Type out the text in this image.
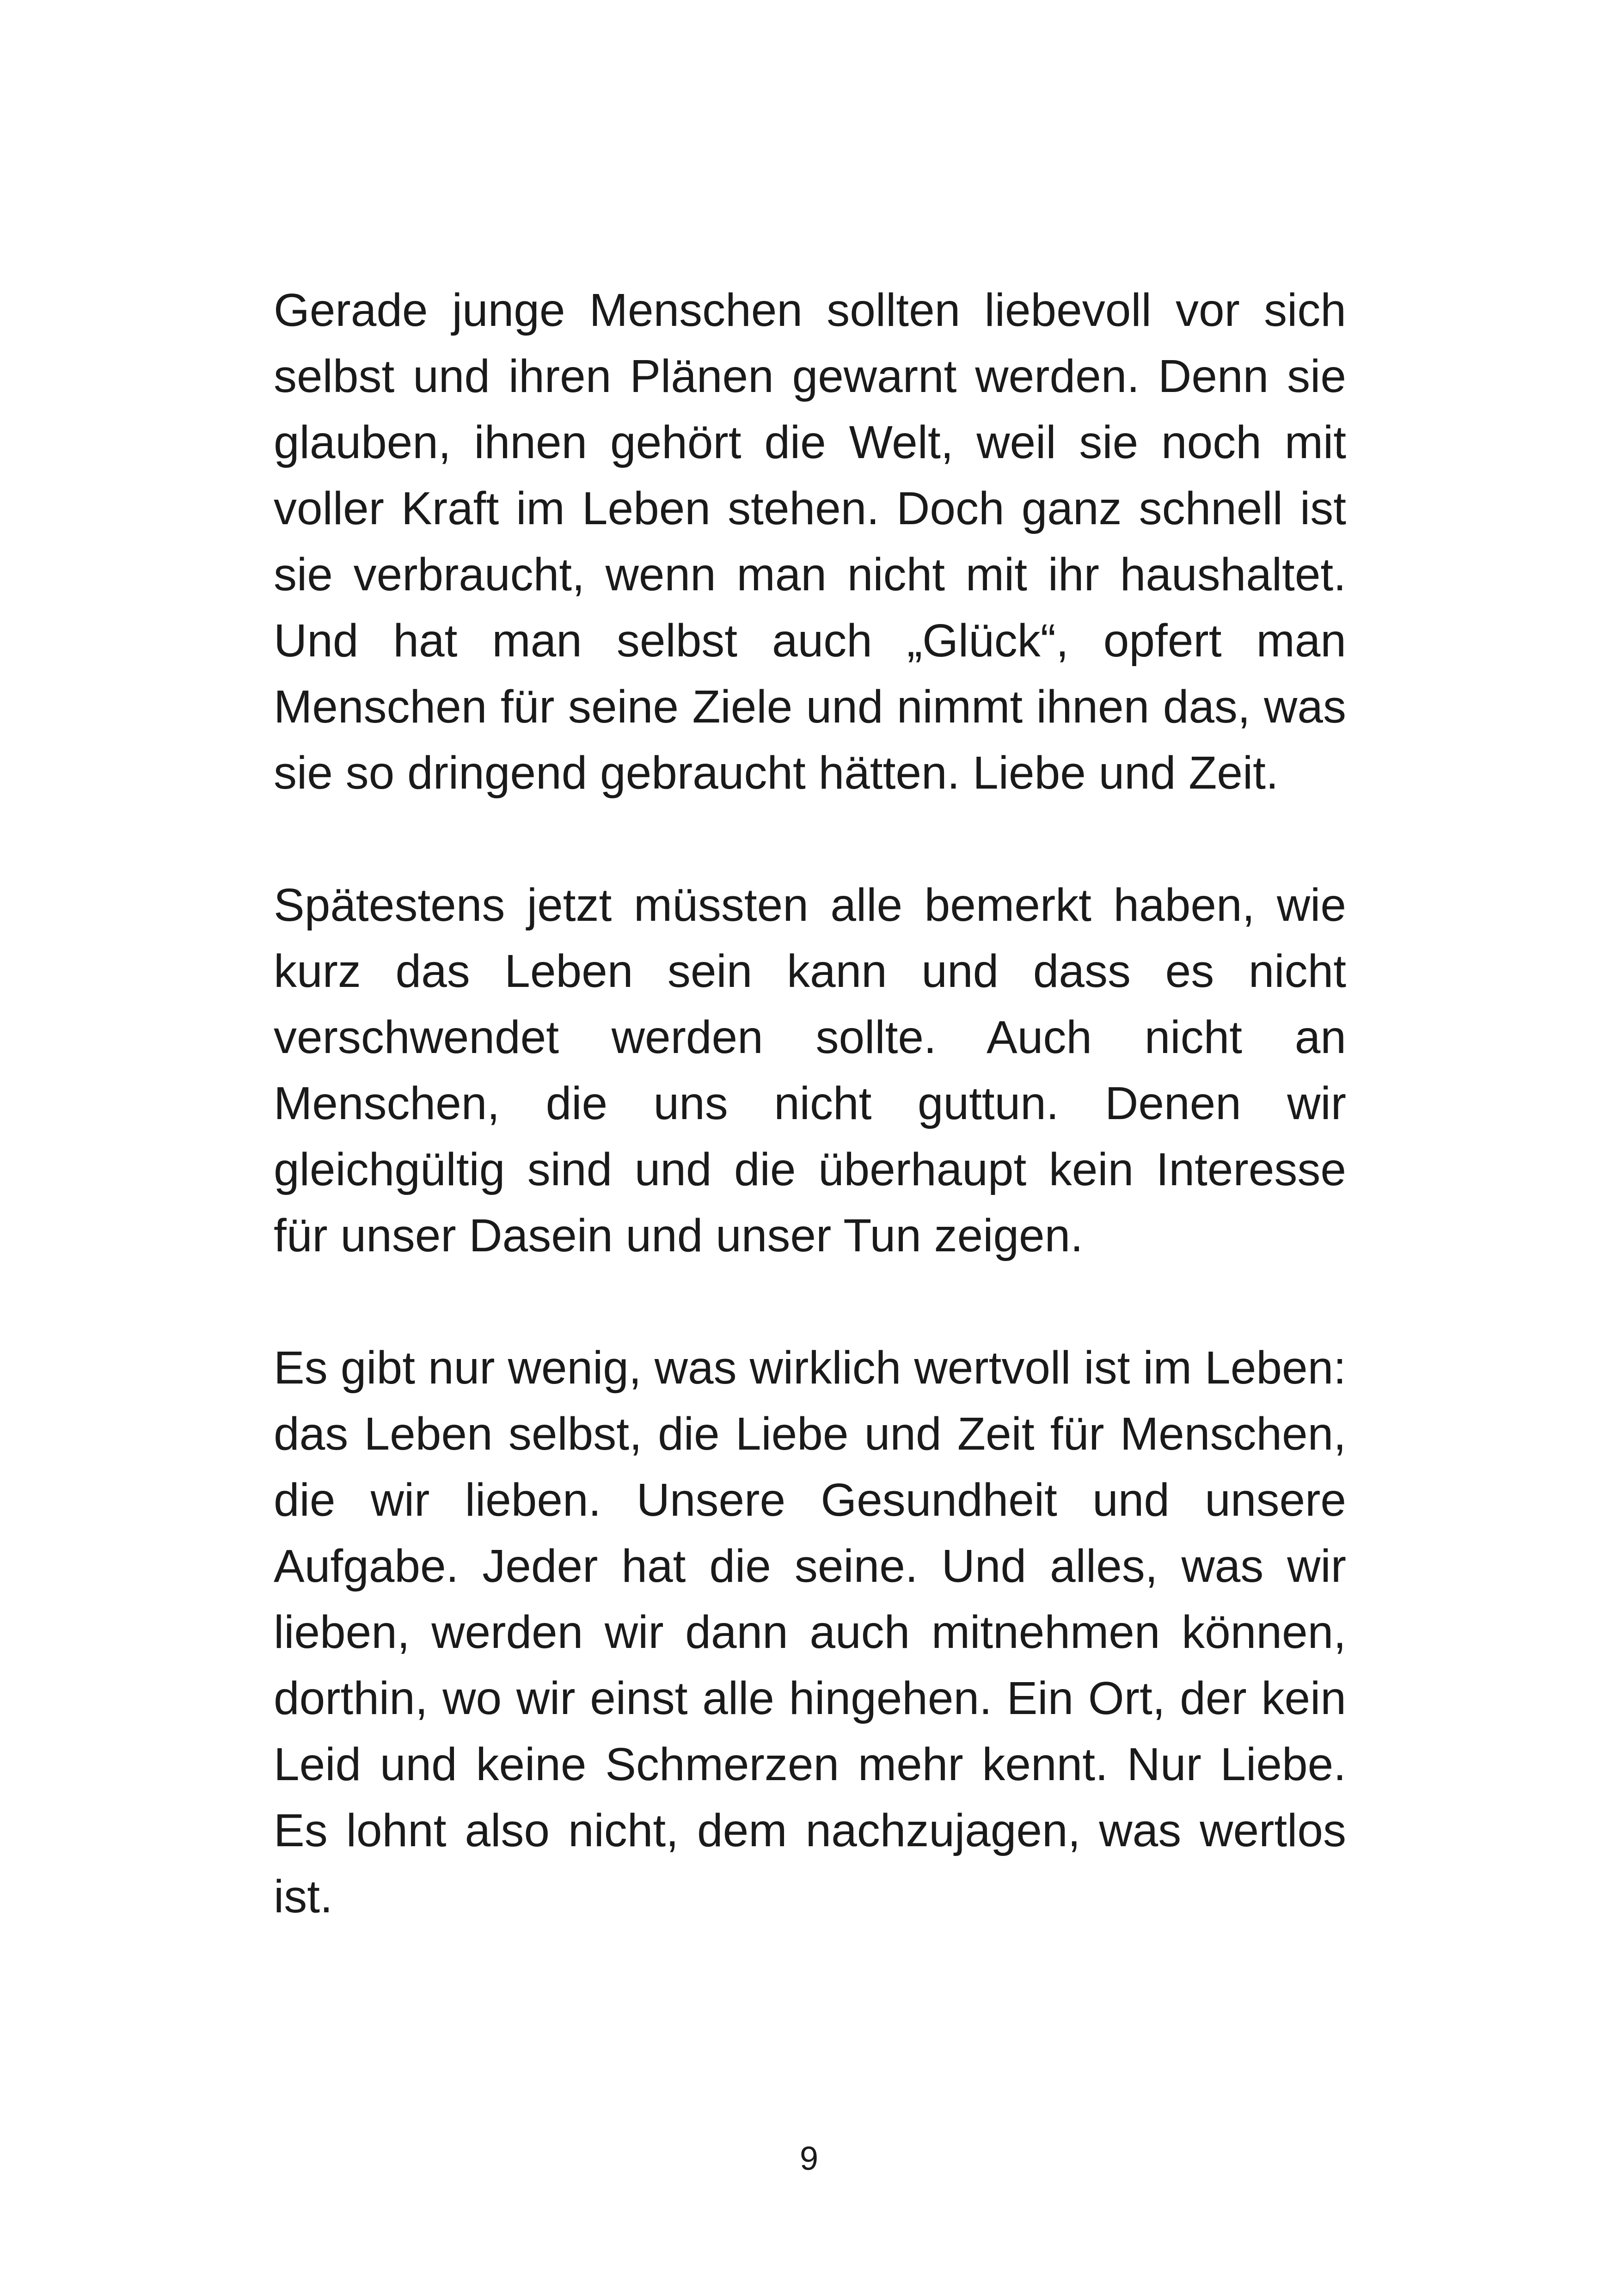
Gerade junge Menschen sollten liebevoll vor sich selbst und ihren Plänen gewarnt werden. Denn sie glauben, ihnen gehört die Welt, weil sie noch mit voller Kraft im Leben stehen. Doch ganz schnell ist sie verbraucht, wenn man nicht mit ihr haushaltet. Und hat man selbst auch „Glück“, opfert man Menschen für seine Ziele und nimmt ihnen das, was sie so dringend gebraucht hätten. Liebe und Zeit.

Spätestens jetzt müssten alle bemerkt haben, wie kurz das Leben sein kann und dass es nicht verschwendet werden sollte. Auch nicht an Menschen, die uns nicht guttun. Denen wir gleichgültig sind und die überhaupt kein Interesse für unser Dasein und unser Tun zeigen.

Es gibt nur wenig, was wirklich wertvoll ist im Leben: das Leben selbst, die Liebe und Zeit für Menschen, die wir lieben. Unsere Gesundheit und unsere Aufgabe. Jeder hat die seine. Und alles, was wir lieben, werden wir dann auch mitnehmen können, dorthin, wo wir einst alle hingehen. Ein Ort, der kein Leid und keine Schmerzen mehr kennt. Nur Liebe. Es lohnt also nicht, dem nachzujagen, was wertlos ist.

9
